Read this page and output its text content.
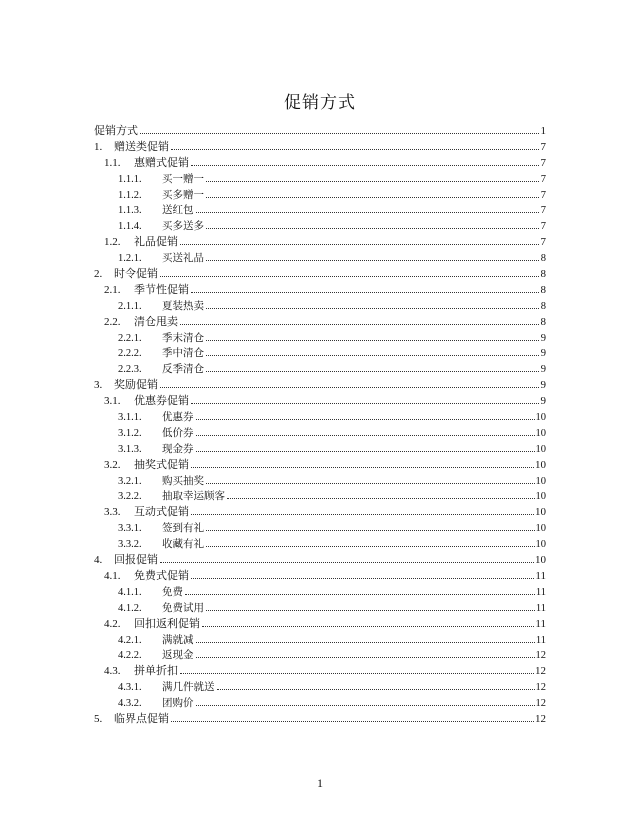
促销方式
促销方式	1
1.	赠送类促销	7
1.1.	惠赠式促销	7
1.1.1.	买一赠一	7
1.1.2.	买多赠一	7
1.1.3.	送红包	7
1.1.4.	买多送多	7
1.2.	礼品促销	7
1.2.1.	买送礼品	8
2.	时令促销	8
2.1.	季节性促销	8
2.1.1.	夏装热卖	8
2.2.	清仓甩卖	8
2.2.1.	季末清仓	9
2.2.2.	季中清仓	9
2.2.3.	反季清仓	9
3.	奖励促销	9
3.1.	优惠券促销	9
3.1.1.	优惠券	10
3.1.2.	低价券	10
3.1.3.	现金券	10
3.2.	抽奖式促销	10
3.2.1.	购买抽奖	10
3.2.2.	抽取幸运顾客	10
3.3.	互动式促销	10
3.3.1.	签到有礼	10
3.3.2.	收藏有礼	10
4.	回报促销	10
4.1.	免费式促销	11
4.1.1.	免费	11
4.1.2.	免费试用	11
4.2.	回扣返利促销	11
4.2.1.	满就减	11
4.2.2.	返现金	12
4.3.	拼单折扣	12
4.3.1.	满几件就送	12
4.3.2.	团购价	12
5.	临界点促销	12
1
